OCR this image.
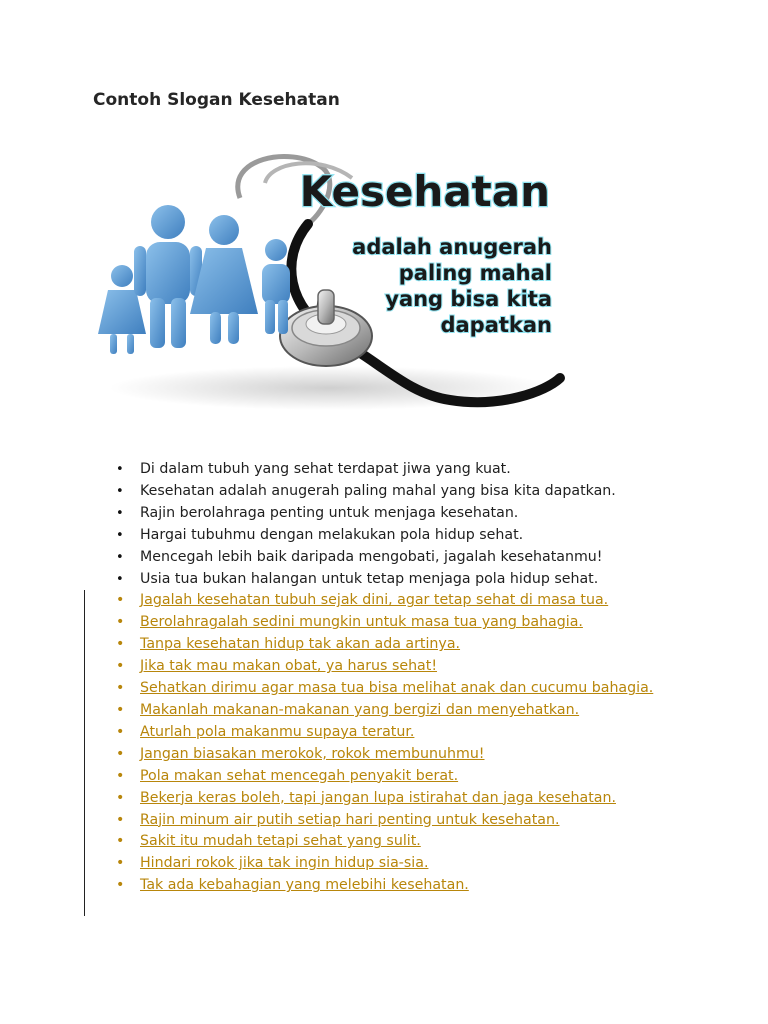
Contoh Slogan Kesehatan
Kesehatan
adalah anugerah
paling mahal
yang bisa kita
dapatkan
• Di dalam tubuh yang sehat terdapat jiwa yang kuat.
• Kesehatan adalah anugerah paling mahal yang bisa kita dapatkan.
• Rajin berolahraga penting untuk menjaga kesehatan.
• Hargai tubuhmu dengan melakukan pola hidup sehat.
• Mencegah lebih baik daripada mengobati, jagalah kesehatanmu!
• Usia tua bukan halangan untuk tetap menjaga pola hidup sehat.
• Jagalah kesehatan tubuh sejak dini, agar tetap sehat di masa tua.
• Berolahragalah sedini mungkin untuk masa tua yang bahagia.
• Tanpa kesehatan hidup tak akan ada artinya.
• Jika tak mau makan obat, ya harus sehat!
• Sehatkan dirimu agar masa tua bisa melihat anak dan cucumu bahagia.
• Makanlah makanan-makanan yang bergizi dan menyehatkan.
• Aturlah pola makanmu supaya teratur.
• Jangan biasakan merokok, rokok membunuhmu!
• Pola makan sehat mencegah penyakit berat.
• Bekerja keras boleh, tapi jangan lupa istirahat dan jaga kesehatan.
• Rajin minum air putih setiap hari penting untuk kesehatan.
• Sakit itu mudah tetapi sehat yang sulit.
• Hindari rokok jika tak ingin hidup sia-sia.
• Tak ada kebahagian yang melebihi kesehatan.
